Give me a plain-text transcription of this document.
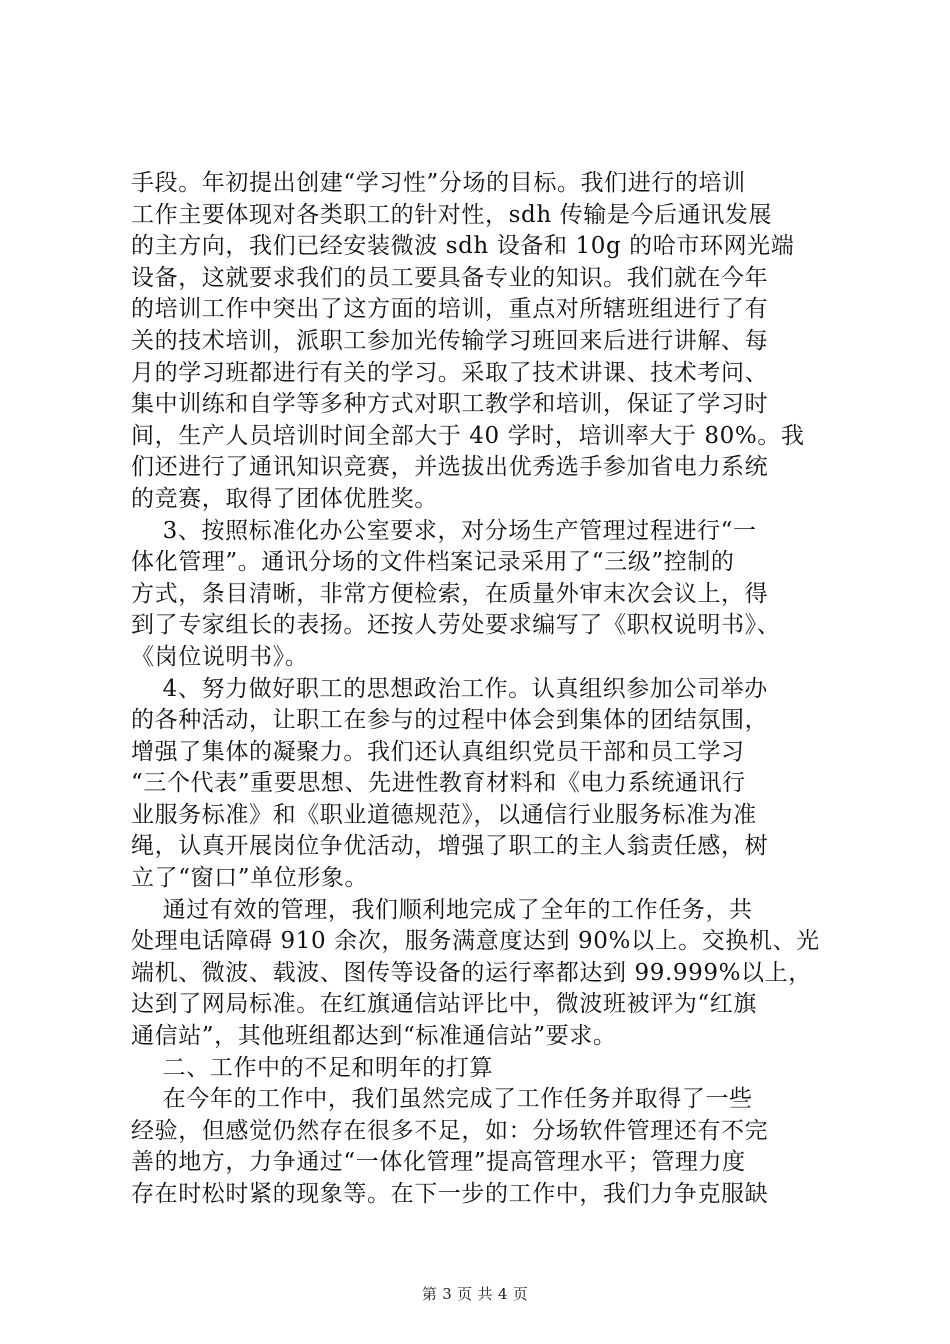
手段。年初提出创建“学习性”分场的目标。我们进行的培训
工作主要体现对各类职工的针对性，sdh 传输是今后通讯发展
的主方向，我们已经安装微波 sdh 设备和 10g 的哈市环网光端
设备，这就要求我们的员工要具备专业的知识。我们就在今年
的培训工作中突出了这方面的培训，重点对所辖班组进行了有
关的技术培训，派职工参加光传输学习班回来后进行讲解、每
月的学习班都进行有关的学习。采取了技术讲课、技术考问、
集中训练和自学等多种方式对职工教学和培训，保证了学习时
间，生产人员培训时间全部大于 40 学时，培训率大于 80%。我
们还进行了通讯知识竞赛，并选拔出优秀选手参加省电力系统
的竞赛，取得了团体优胜奖。
3、按照标准化办公室要求，对分场生产管理过程进行“一
体化管理”。通讯分场的文件档案记录采用了“三级”控制的
方式，条目清晰，非常方便检索，在质量外审末次会议上，得
到了专家组长的表扬。还按人劳处要求编写了《职权说明书》、
《岗位说明书》。
4、努力做好职工的思想政治工作。认真组织参加公司举办
的各种活动，让职工在参与的过程中体会到集体的团结氛围，
增强了集体的凝聚力。我们还认真组织党员干部和员工学习
“三个代表”重要思想、先进性教育材料和《电力系统通讯行
业服务标准》和《职业道德规范》，以通信行业服务标准为准
绳，认真开展岗位争优活动，增强了职工的主人翁责任感，树
立了“窗口”单位形象。
通过有效的管理，我们顺利地完成了全年的工作任务，共
处理电话障碍 910 余次，服务满意度达到 90%以上。交换机、光
端机、微波、载波、图传等设备的运行率都达到 99.999%以上，
达到了网局标准。在红旗通信站评比中，微波班被评为“红旗
通信站”，其他班组都达到“标准通信站”要求。
二、工作中的不足和明年的打算
在今年的工作中，我们虽然完成了工作任务并取得了一些
经验，但感觉仍然存在很多不足，如：分场软件管理还有不完
善的地方，力争通过“一体化管理”提高管理水平；管理力度
存在时松时紧的现象等。在下一步的工作中，我们力争克服缺
第 3 页 共 4 页
